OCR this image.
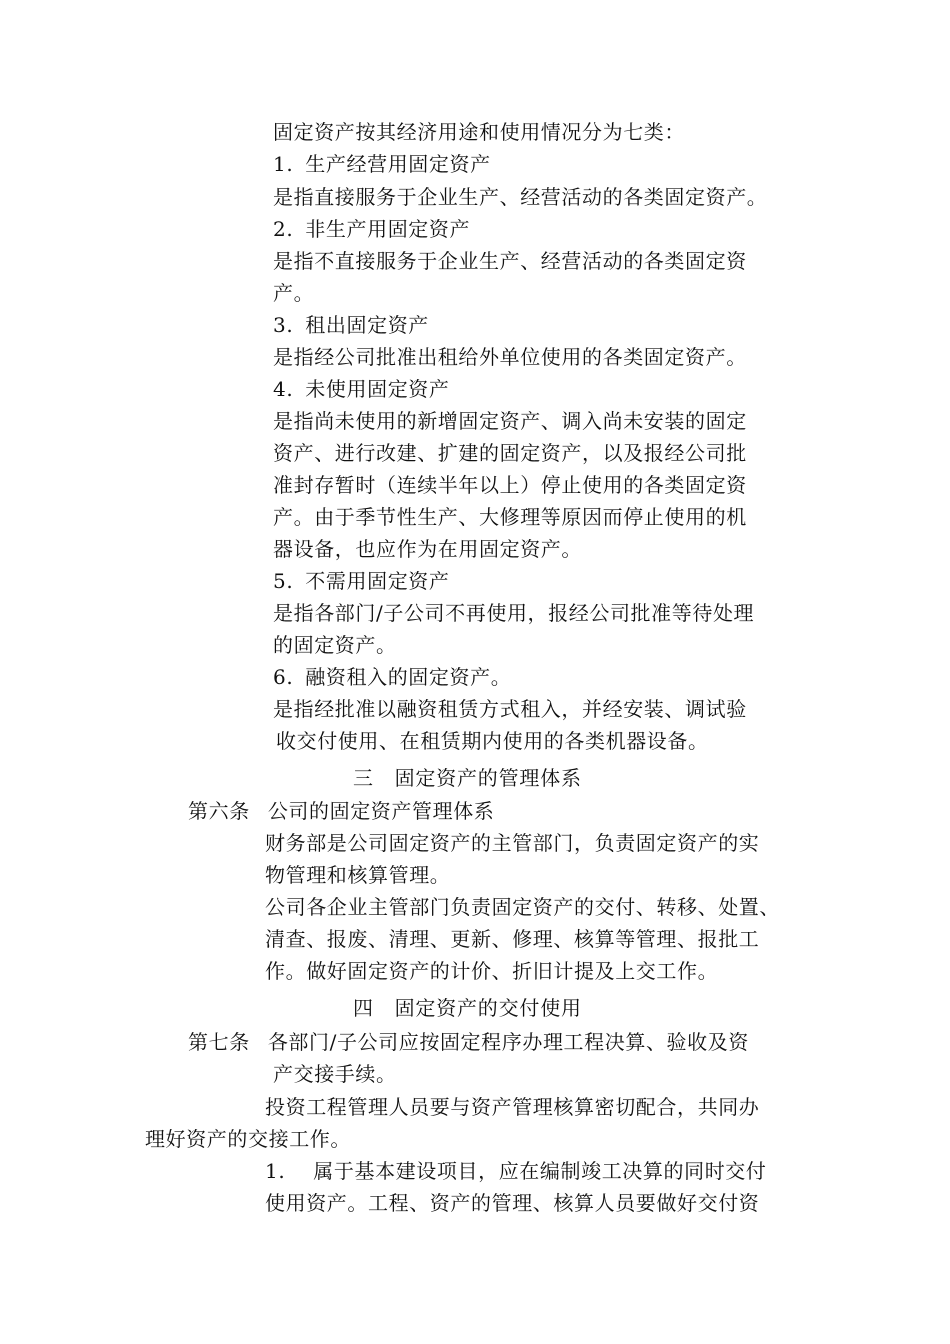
固定资产按其经济用途和使用情况分为七类：
1. 生产经营用固定资产
是指直接服务于企业生产、经营活动的各类固定资产。
2. 非生产用固定资产
是指不直接服务于企业生产、经营活动的各类固定资
产。
3. 租出固定资产
是指经公司批准出租给外单位使用的各类固定资产。
4. 未使用固定资产
是指尚未使用的新增固定资产、调入尚未安装的固定
资产、进行改建、扩建的固定资产，以及报经公司批
准封存暂时（连续半年以上）停止使用的各类固定资
产。由于季节性生产、大修理等原因而停止使用的机
器设备，也应作为在用固定资产。
5. 不需用固定资产
是指各部门/子公司不再使用，报经公司批准等待处理
的固定资产。
6. 融资租入的固定资产。
是指经批准以融资租赁方式租入，并经安装、调试验
收交付使用、在租赁期内使用的各类机器设备。
三　固定资产的管理体系
第六条 公司的固定资产管理体系
财务部是公司固定资产的主管部门，负责固定资产的实
物管理和核算管理。
公司各企业主管部门负责固定资产的交付、转移、处置、
清查、报废、清理、更新、修理、核算等管理、报批工
作。做好固定资产的计价、折旧计提及上交工作。
四　固定资产的交付使用
第七条 各部门/子公司应按固定程序办理工程决算、验收及资
产交接手续。
投资工程管理人员要与资产管理核算密切配合，共同办
理好资产的交接工作。
1. 属于基本建设项目，应在编制竣工决算的同时交付
使用资产。工程、资产的管理、核算人员要做好交付资
